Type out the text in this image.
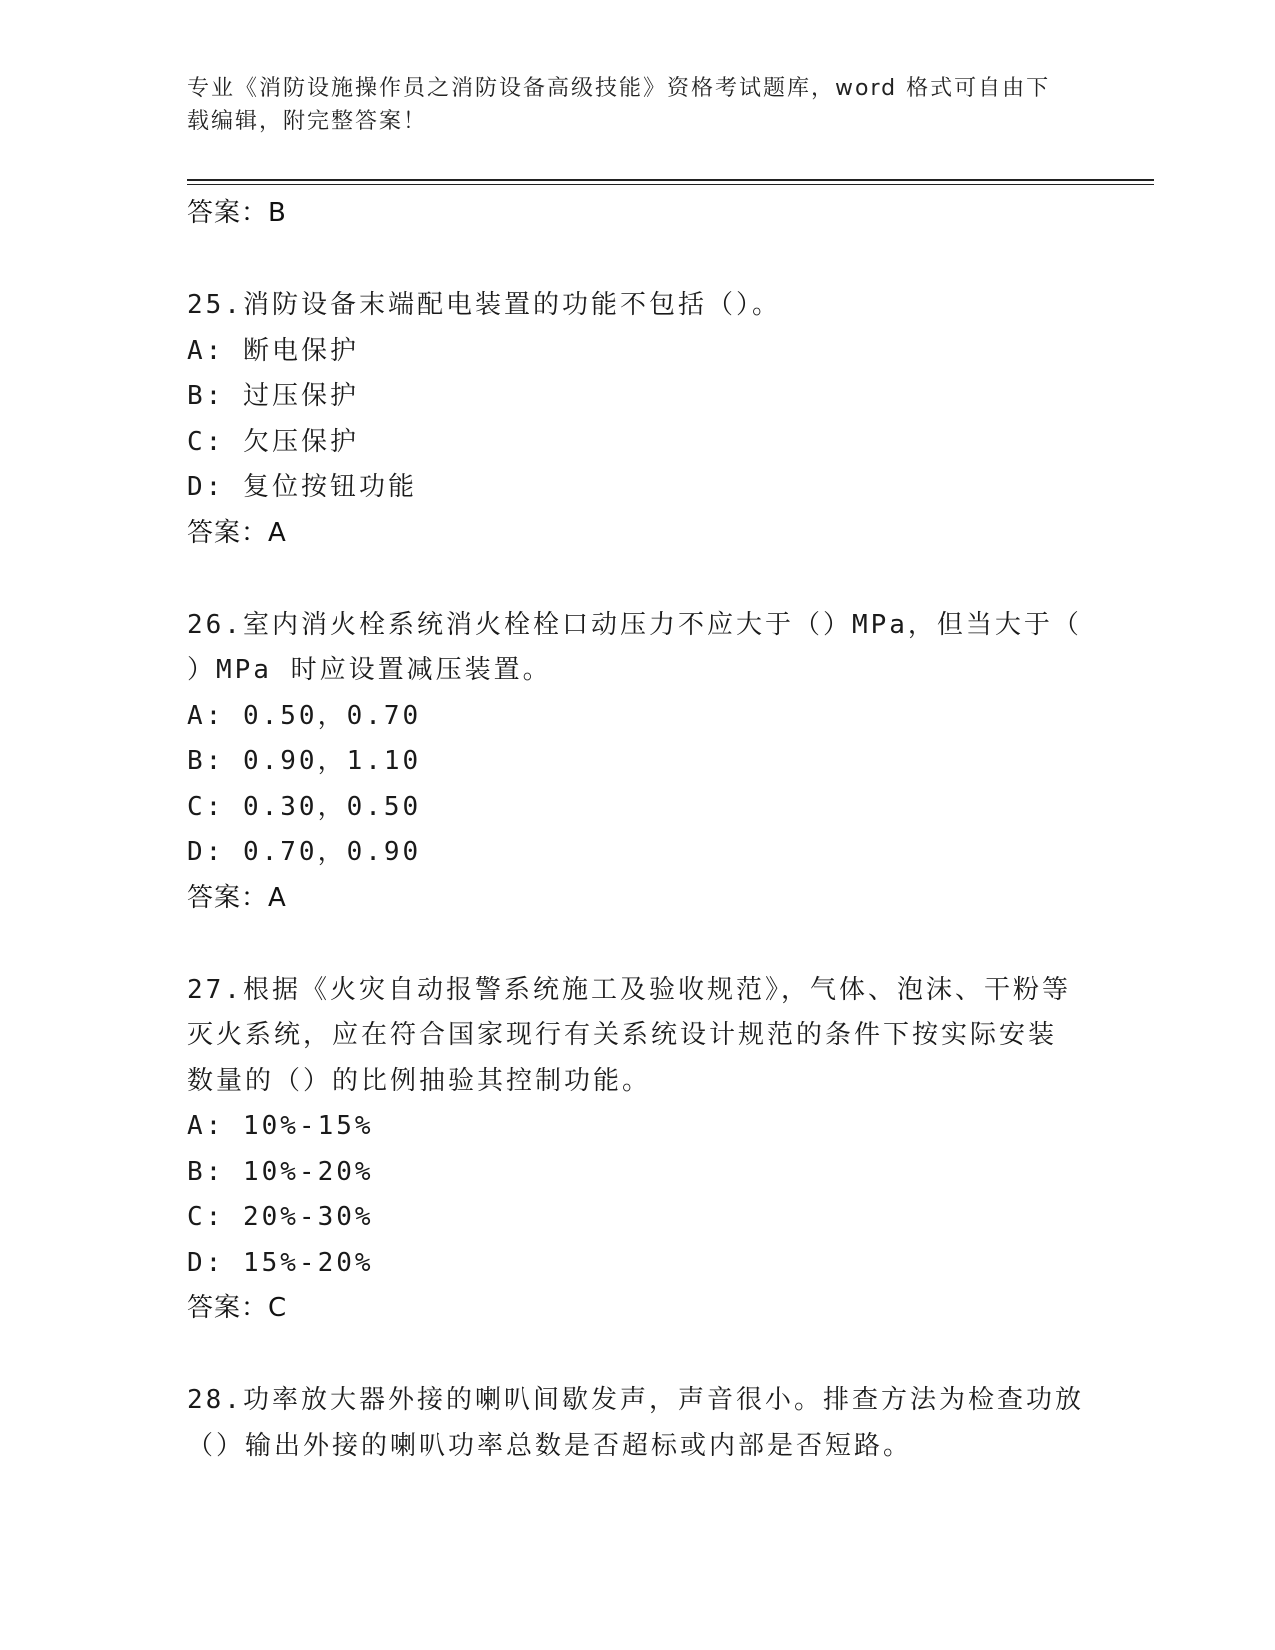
专业《消防设施操作员之消防设备高级技能》资格考试题库，word 格式可自由下
载编辑，附完整答案！
答案：B
25.消防设备末端配电装置的功能不包括（）。
A: 断电保护
B: 过压保护
C: 欠压保护
D: 复位按钮功能
答案：A
26.室内消火栓系统消火栓栓口动压力不应大于（）MPa，但当大于（
）MPa 时应设置减压装置。
A: 0.50，0.70
B: 0.90，1.10
C: 0.30，0.50
D: 0.70，0.90
答案：A
27.根据《火灾自动报警系统施工及验收规范》，气体、泡沫、干粉等
灭火系统，应在符合国家现行有关系统设计规范的条件下按实际安装
数量的（）的比例抽验其控制功能。
A: 10%-15%
B: 10%-20%
C: 20%-30%
D: 15%-20%
答案：C
28.功率放大器外接的喇叭间歇发声，声音很小。排查方法为检查功放
（）输出外接的喇叭功率总数是否超标或内部是否短路。
